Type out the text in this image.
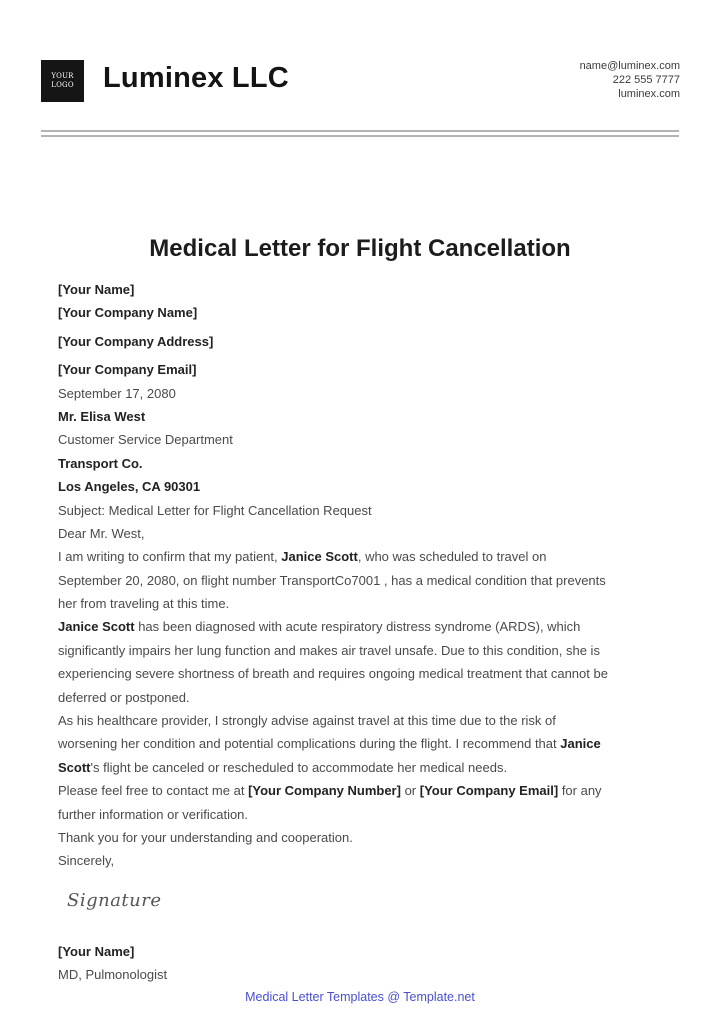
YOUR
LOGO Luminex LLC	name@luminex.com
222 555 7777
luminex.com
Medical Letter for Flight Cancellation
[Your Name]
[Your Company Name]
[Your Company Address]
[Your Company Email]
September 17, 2080
Mr. Elisa West
Customer Service Department
Transport Co.
Los Angeles, CA 90301
Subject: Medical Letter for Flight Cancellation Request
Dear Mr. West,
I am writing to confirm that my patient, Janice Scott, who was scheduled to travel on
September 20, 2080, on flight number TransportCo7001 , has a medical condition that prevents
her from traveling at this time.
Janice Scott has been diagnosed with acute respiratory distress syndrome (ARDS), which
significantly impairs her lung function and makes air travel unsafe. Due to this condition, she is
experiencing severe shortness of breath and requires ongoing medical treatment that cannot be
deferred or postponed.
As his healthcare provider, I strongly advise against travel at this time due to the risk of
worsening her condition and potential complications during the flight. I recommend that Janice
Scott's flight be canceled or rescheduled to accommodate her medical needs.
Please feel free to contact me at [Your Company Number] or [Your Company Email] for any
further information or verification.
Thank you for your understanding and cooperation.
Sincerely,
Signature
[Your Name]
MD, Pulmonologist
Medical Letter Templates @ Template.net
